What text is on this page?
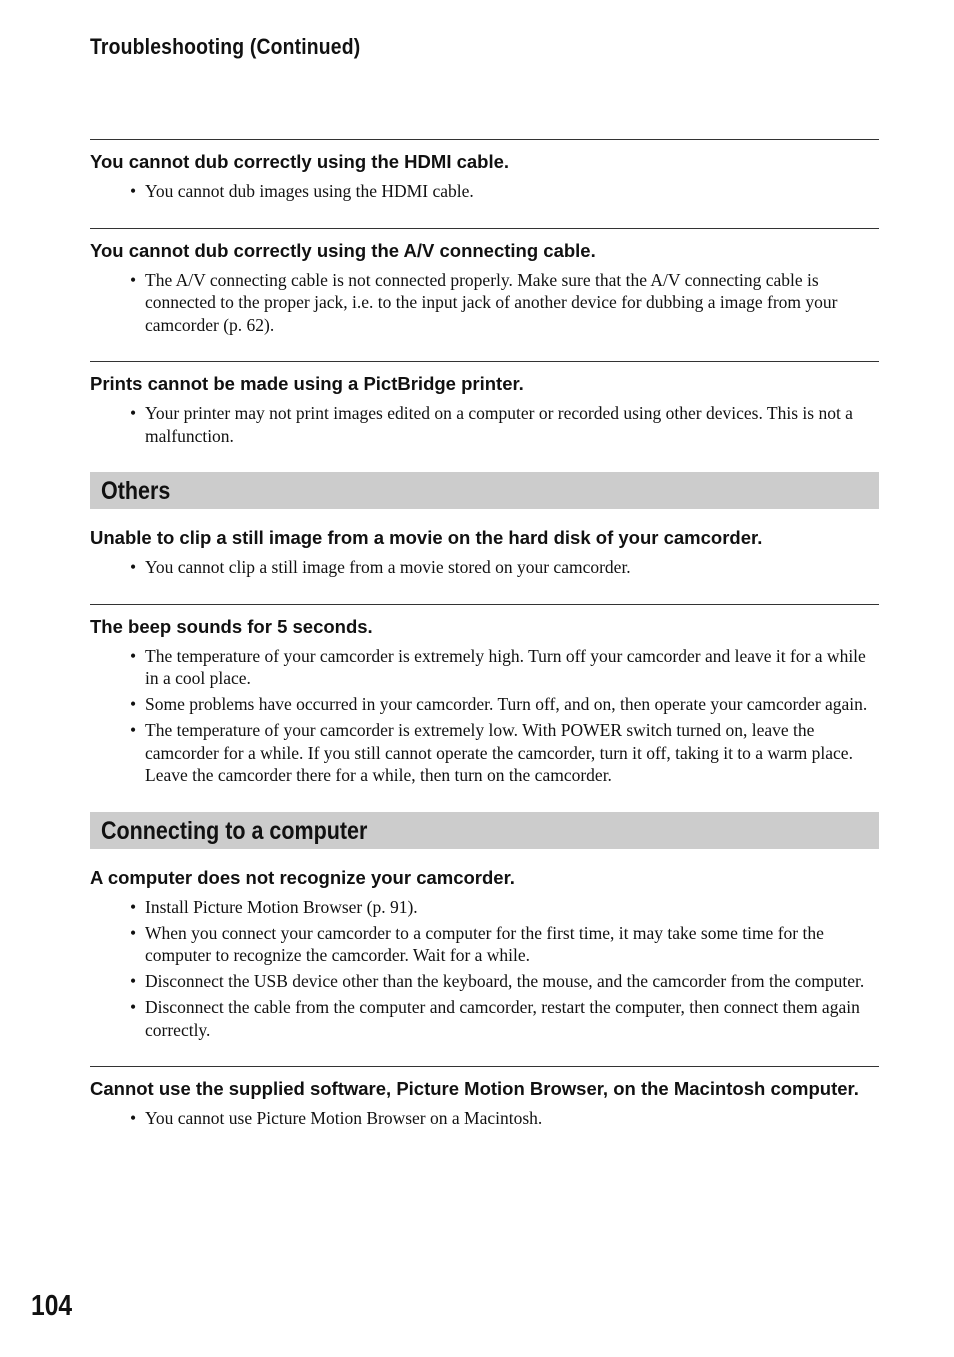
Troubleshooting (Continued)
You cannot dub correctly using the HDMI cable.
• You cannot dub images using the HDMI cable.
You cannot dub correctly using the A/V connecting cable.
• The A/V connecting cable is not connected properly. Make sure that the A/V connecting cable is connected to the proper jack, i.e. to the input jack of another device for dubbing a image from your camcorder (p. 62).
Prints cannot be made using a PictBridge printer.
• Your printer may not print images edited on a computer or recorded using other devices. This is not a malfunction.
Others
Unable to clip a still image from a movie on the hard disk of your camcorder.
• You cannot clip a still image from a movie stored on your camcorder.
The beep sounds for 5 seconds.
• The temperature of your camcorder is extremely high. Turn off your camcorder and leave it for a while in a cool place.
• Some problems have occurred in your camcorder. Turn off, and on, then operate your camcorder again.
• The temperature of your camcorder is extremely low. With POWER switch turned on, leave the camcorder for a while. If you still cannot operate the camcorder, turn it off, taking it to a warm place. Leave the camcorder there for a while, then turn on the camcorder.
Connecting to a computer
A computer does not recognize your camcorder.
• Install Picture Motion Browser (p. 91).
• When you connect your camcorder to a computer for the first time, it may take some time for the computer to recognize the camcorder. Wait for a while.
• Disconnect the USB device other than the keyboard, the mouse, and the camcorder from the computer.
• Disconnect the cable from the computer and camcorder, restart the computer, then connect them again correctly.
Cannot use the supplied software, Picture Motion Browser, on the Macintosh computer.
• You cannot use Picture Motion Browser on a Macintosh.
104
